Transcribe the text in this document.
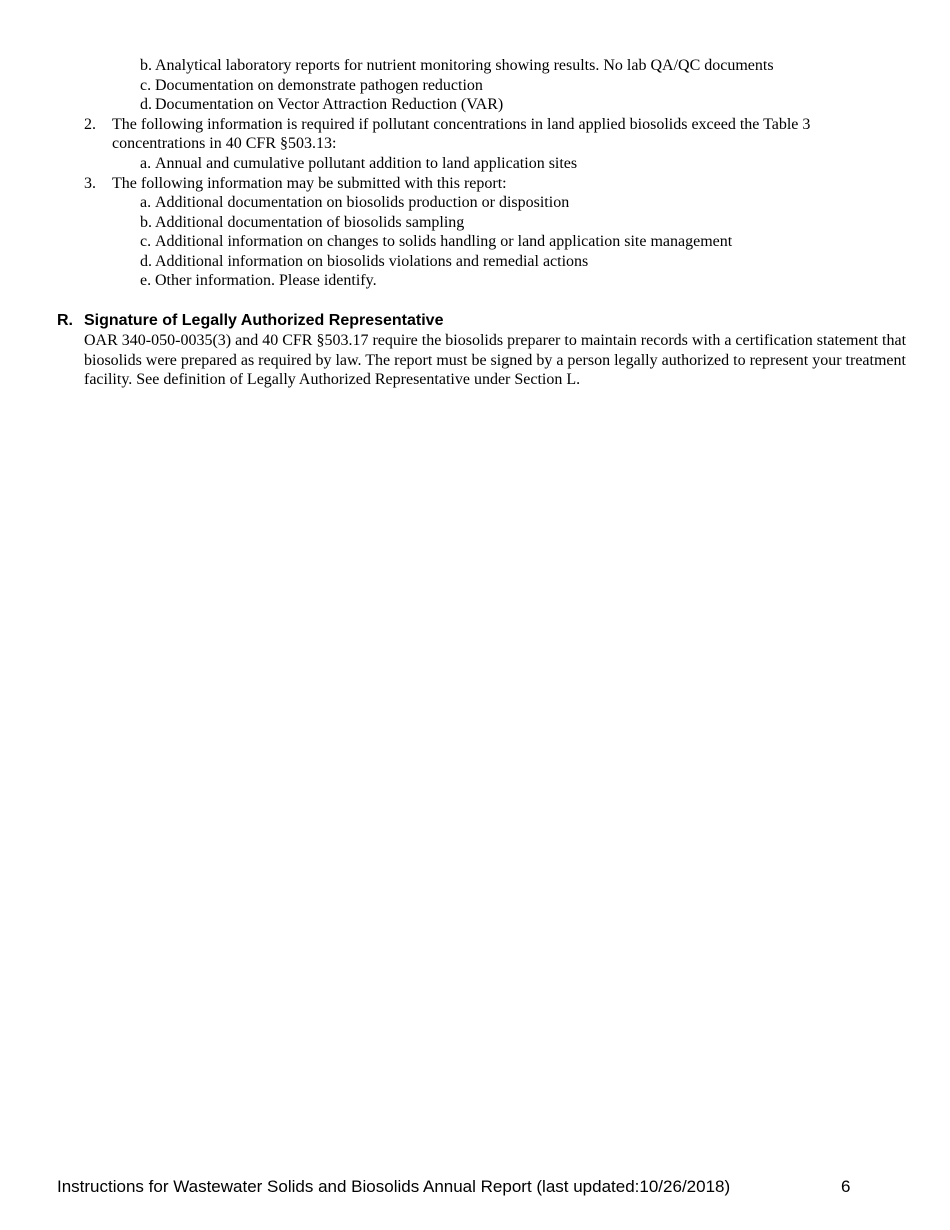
b. Analytical laboratory reports for nutrient monitoring showing results. No lab QA/QC documents
c. Documentation on demonstrate pathogen reduction
d. Documentation on Vector Attraction Reduction (VAR)
2. The following information is required if pollutant concentrations in land applied biosolids exceed the Table 3
concentrations in 40 CFR §503.13:
a. Annual and cumulative pollutant addition to land application sites
3. The following information may be submitted with this report:
a. Additional documentation on biosolids production or disposition
b. Additional documentation of biosolids sampling
c. Additional information on changes to solids handling or land application site management
d. Additional information on biosolids violations and remedial actions
e. Other information. Please identify.
R. Signature of Legally Authorized Representative
OAR 340-050-0035(3) and 40 CFR §503.17 require the biosolids preparer to maintain records with a certification statement that biosolids were prepared as required by law. The report must be signed by a person legally authorized to represent your treatment facility. See definition of Legally Authorized Representative under Section L.
Instructions for Wastewater Solids and Biosolids Annual Report (last updated:10/26/2018)	6
